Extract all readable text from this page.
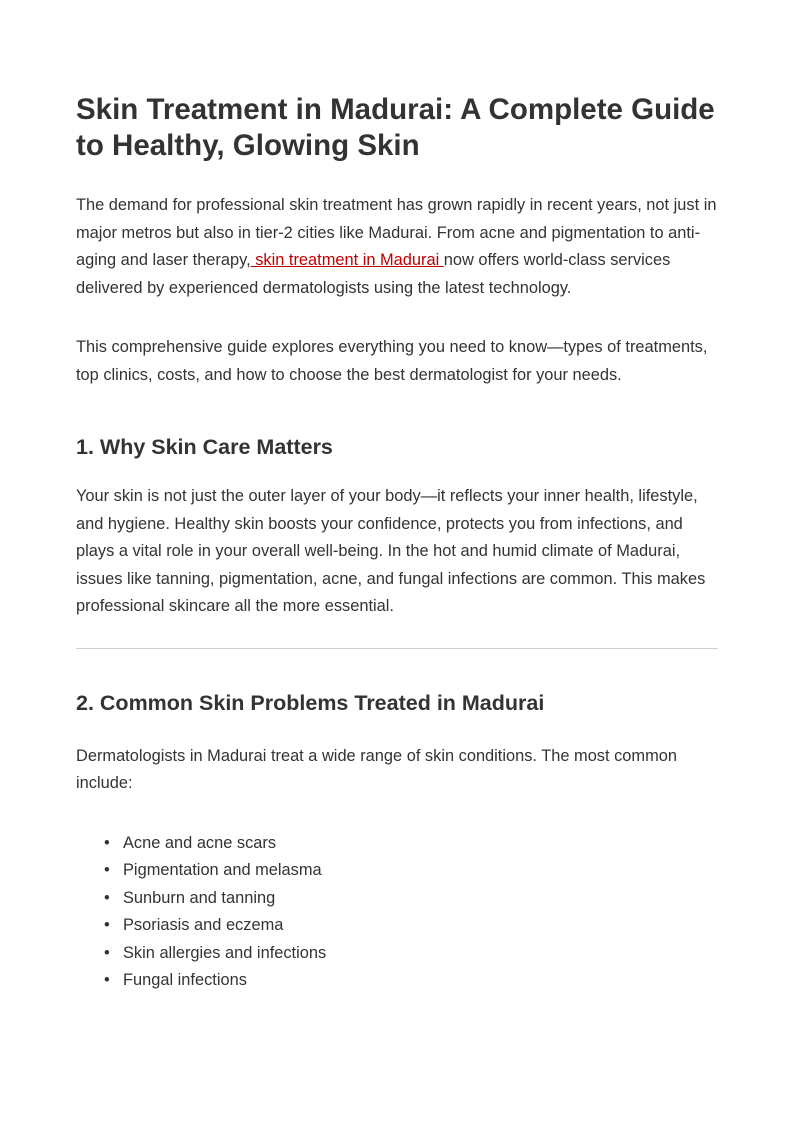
Skin Treatment in Madurai: A Complete Guide to Healthy, Glowing Skin

The demand for professional skin treatment has grown rapidly in recent years, not just in major metros but also in tier-2 cities like Madurai. From acne and pigmentation to anti-aging and laser therapy, skin treatment in Madurai now offers world-class services delivered by experienced dermatologists using the latest technology.

This comprehensive guide explores everything you need to know—types of treatments, top clinics, costs, and how to choose the best dermatologist for your needs.

1. Why Skin Care Matters

Your skin is not just the outer layer of your body—it reflects your inner health, lifestyle, and hygiene. Healthy skin boosts your confidence, protects you from infections, and plays a vital role in your overall well-being. In the hot and humid climate of Madurai, issues like tanning, pigmentation, acne, and fungal infections are common. This makes professional skincare all the more essential.

2. Common Skin Problems Treated in Madurai

Dermatologists in Madurai treat a wide range of skin conditions. The most common include:

• Acne and acne scars
• Pigmentation and melasma
• Sunburn and tanning
• Psoriasis and eczema
• Skin allergies and infections
• Fungal infections
